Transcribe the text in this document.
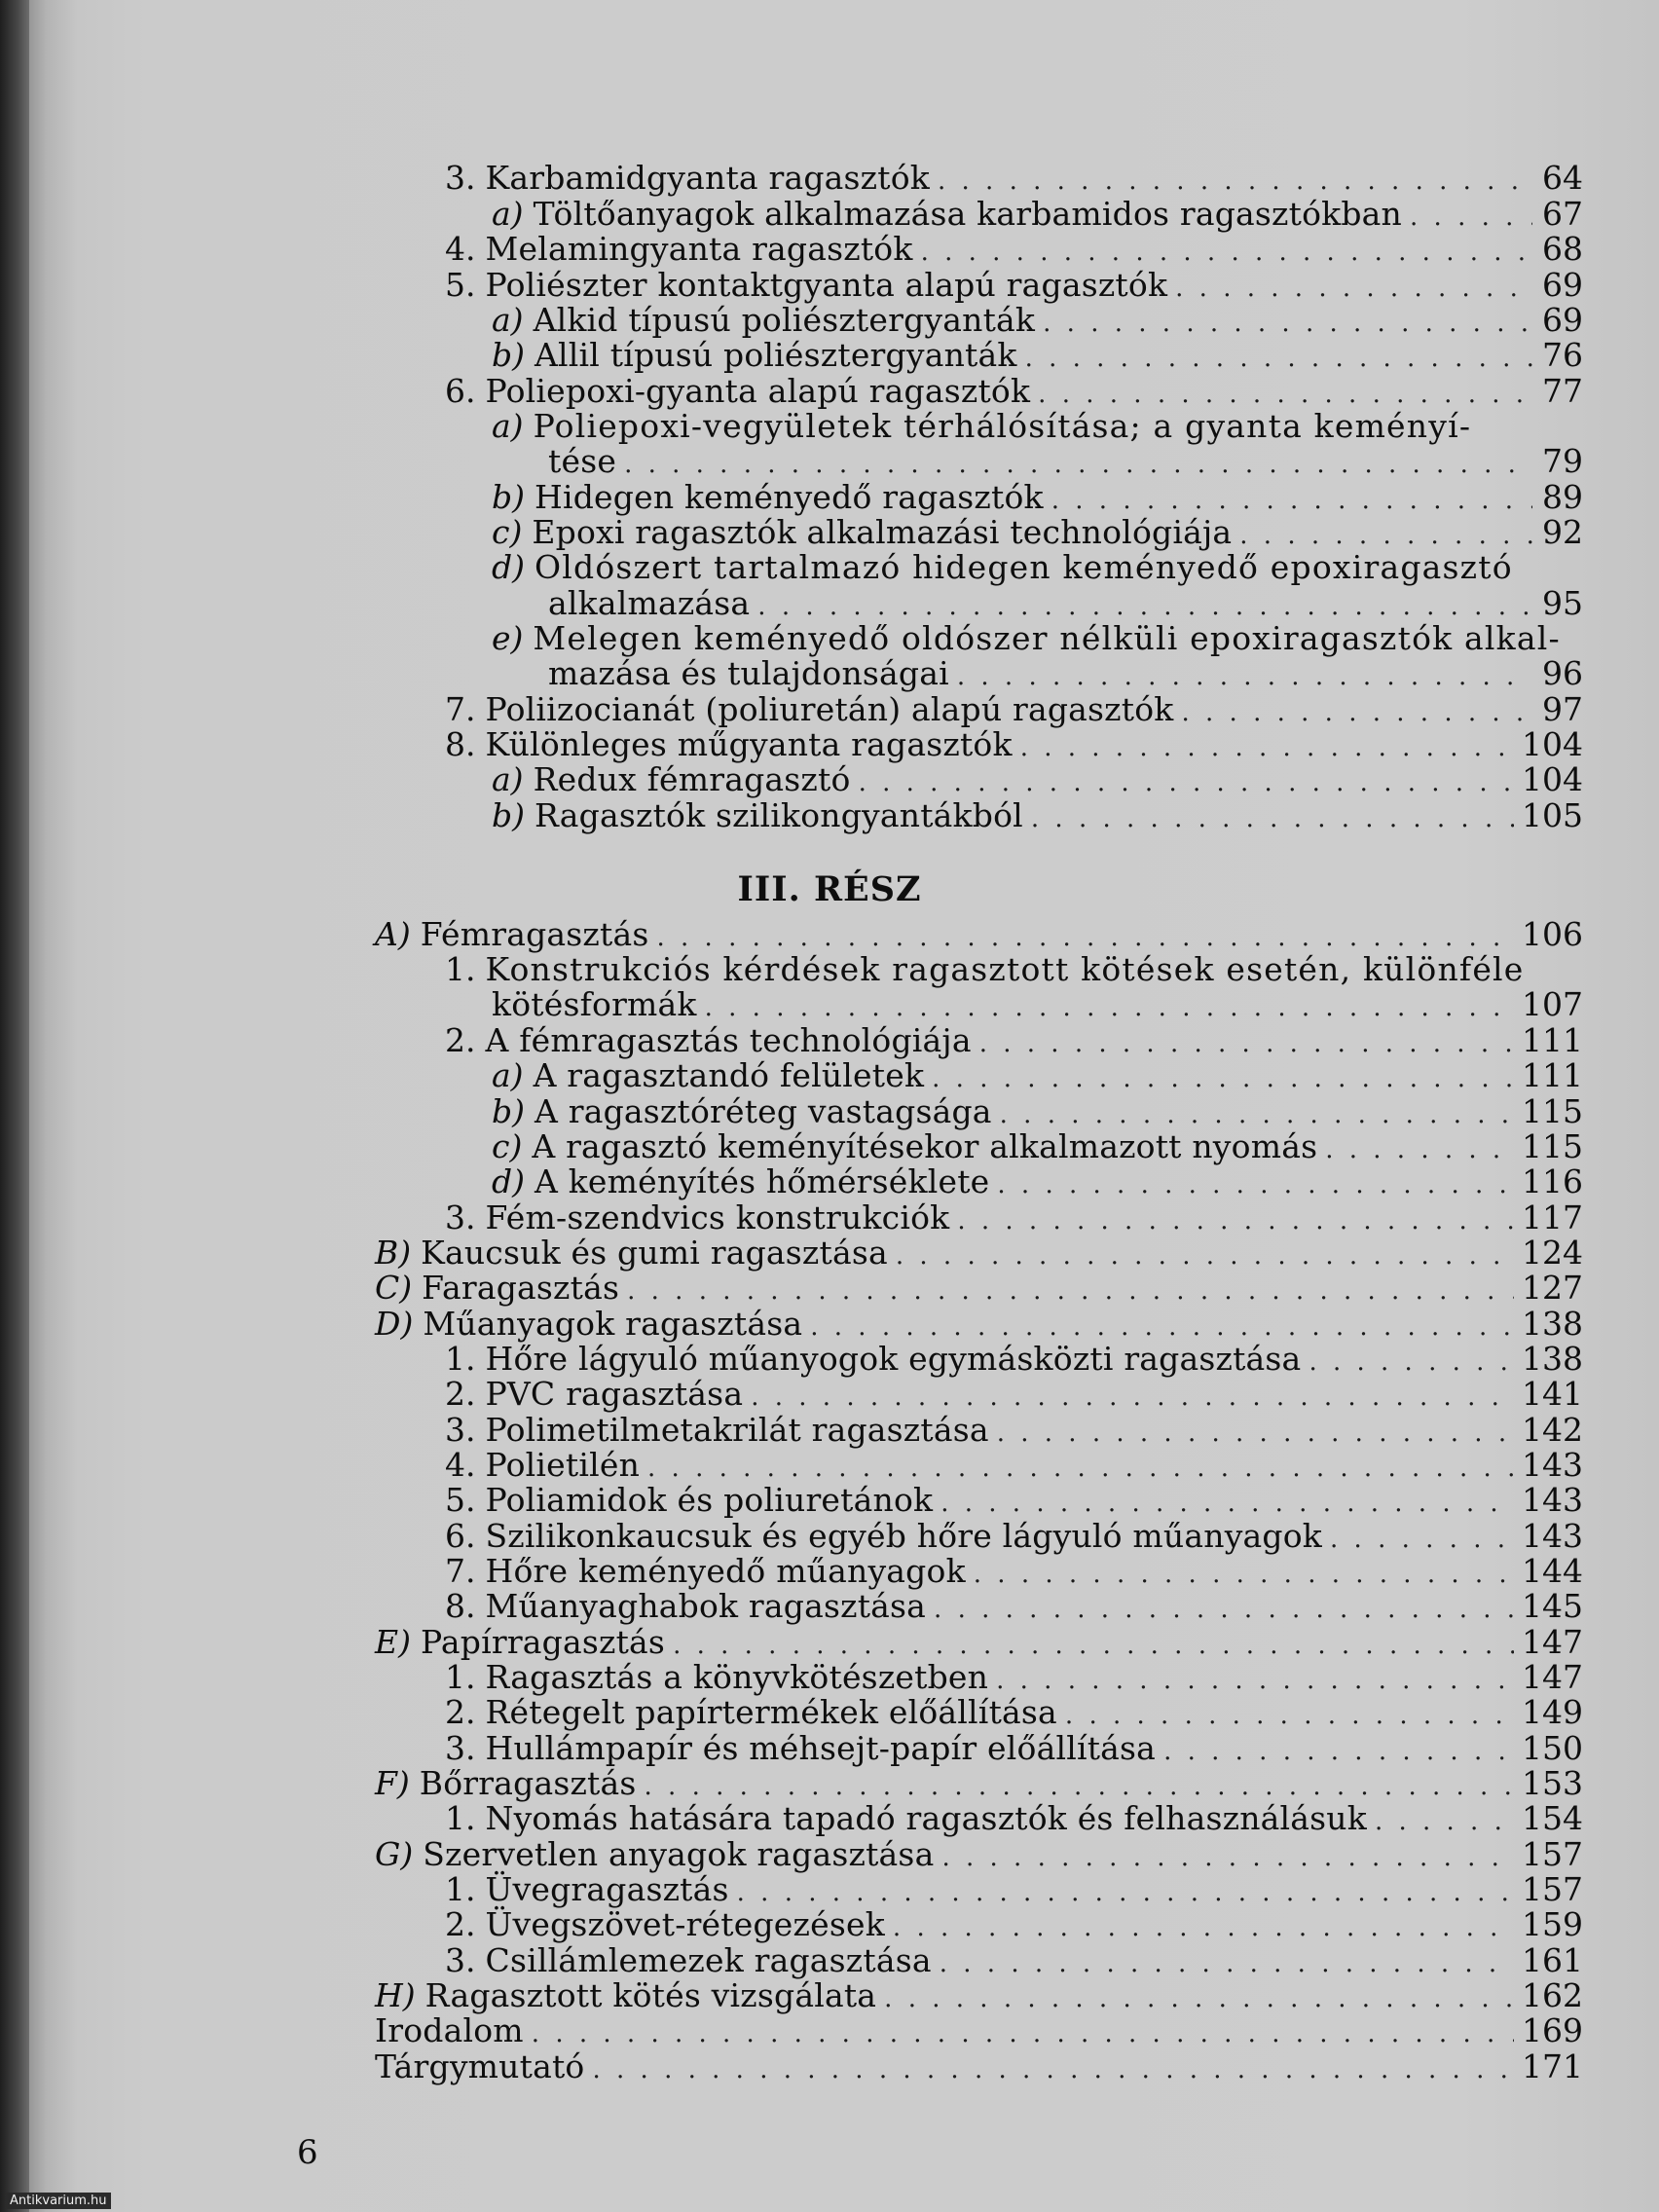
3. Karbamidgyanta ragasztók . . .	64
a) Töltőanyagok alkalmazása karbamidos ragasztókban . . .	67
4. Melamingyanta ragasztók . . .	68
5. Poliészter kontaktgyanta alapú ragasztók . . .	69
a) Alkid típusú poliésztergyanták . . .	69
b) Allil típusú poliésztergyanták . . .	76
6. Poliepoxi-gyanta alapú ragasztók . . .	77
a) Poliepoxi-vegyületek térhálósítása; a gyanta keményí-
tése . . .	79
b) Hidegen keményedő ragasztók . . .	89
c) Epoxi ragasztók alkalmazási technológiája . . .	92
d) Oldószert tartalmazó hidegen keményedő epoxiragasztó
alkalmazása . . .	95
e) Melegen keményedő oldószer nélküli epoxiragasztók alkal-
mazása és tulajdonságai . . .	96
7. Poliizocianát (poliuretán) alapú ragasztók . . .	97
8. Különleges műgyanta ragasztók . . .	104
a) Redux fémragasztó . . .	104
b) Ragasztók szilikongyantákból . . .	105
A) Fémragasztás . . .	106
1. Konstrukciós kérdések ragasztott kötések esetén, különféle
kötésformák . . .	107
2. A fémragasztás technológiája . . .	111
a) A ragasztandó felületek . . .	111
b) A ragasztóréteg vastagsága . . .	115
c) A ragasztó keményítésekor alkalmazott nyomás . . .	115
d) A keményítés hőmérséklete . . .	116
3. Fém-szendvics konstrukciók . . .	117
B) Kaucsuk és gumi ragasztása . . .	124
C) Faragasztás . . .	127
D) Műanyagok ragasztása . . .	138
1. Hőre lágyuló műanyogok egymásközti ragasztása . . .	138
2. PVC ragasztása . . .	141
3. Polimetilmetakrilát ragasztása . . .	142
4. Polietilén . . .	143
5. Poliamidok és poliuretánok . . .	143
6. Szilikonkaucsuk és egyéb hőre lágyuló műanyagok . . .	143
7. Hőre keményedő műanyagok . . .	144
8. Műanyaghabok ragasztása . . .	145
E) Papírragasztás . . .	147
1. Ragasztás a könyvkötészetben . . .	147
2. Rétegelt papírtermékek előállítása . . .	149
3. Hullámpapír és méhsejt-papír előállítása . . .	150
F) Bőrragasztás . . .	153
1. Nyomás hatására tapadó ragasztók és felhasználásuk . . .	154
G) Szervetlen anyagok ragasztása . . .	157
1. Üvegragasztás . . .	157
2. Üvegszövet-rétegezések . . .	159
3. Csillámlemezek ragasztása . . .	161
H) Ragasztott kötés vizsgálata . . .	162
Irodalom . . .	169
Tárgymutató . . .	171
III. RÉSZ
6
Antikvarium.hu
